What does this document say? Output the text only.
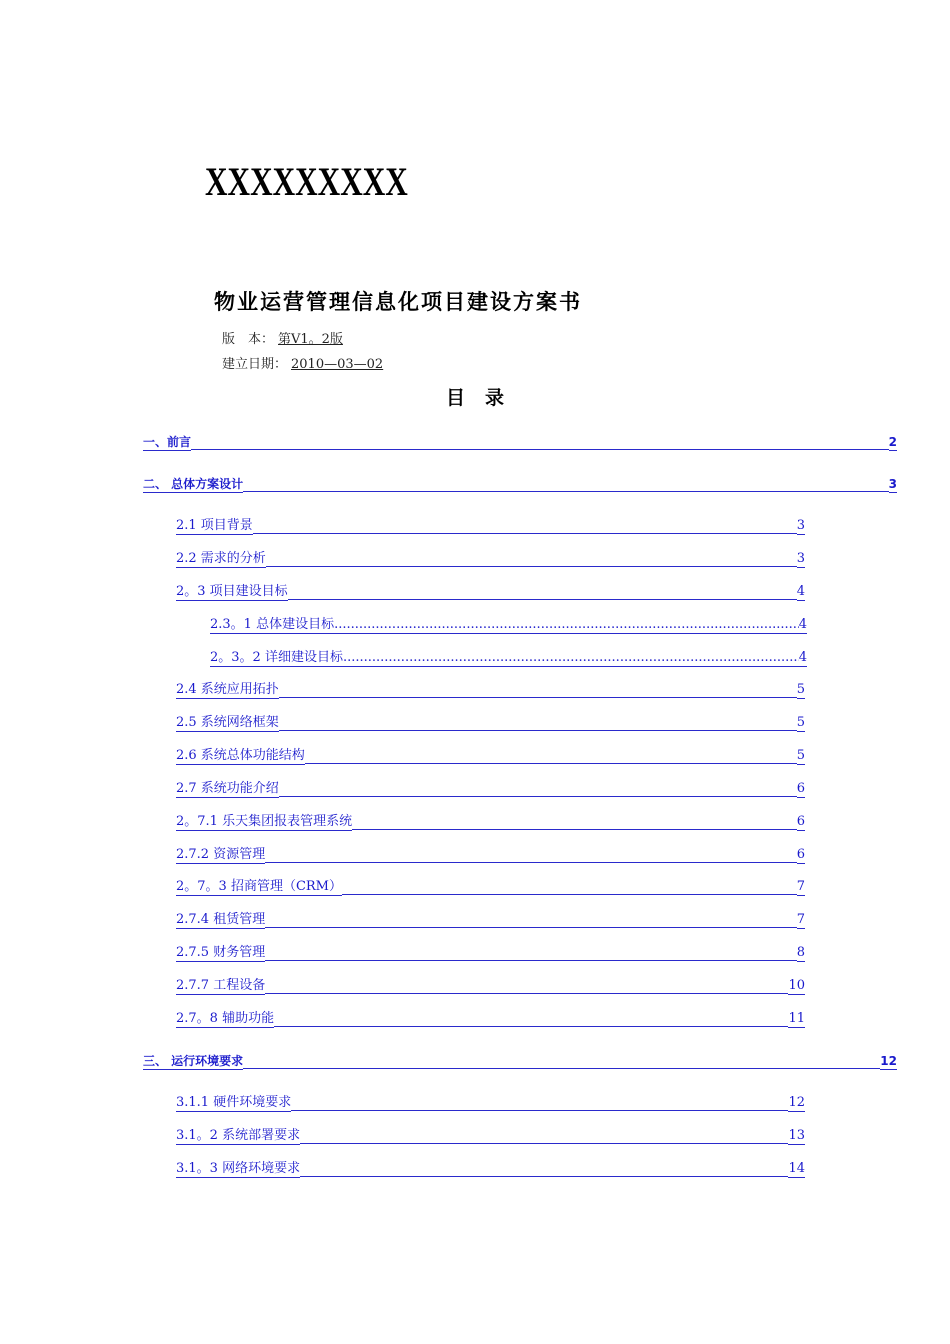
XXXXXXXXX
物业运营管理信息化项目建设方案书
版　本： 第V1。2版
建立日期： 2010—03—02
目 录
一、前言	2
二、 总体方案设计	3
2.1 项目背景	3
2.2 需求的分析	3
2。3 项目建设目标	4
2.3。1 总体建设目标 .....	4
2。3。2 详细建设目标 .....	4
2.4 系统应用拓扑	5
2.5 系统网络框架	5
2.6 系统总体功能结构	5
2.7 系统功能介绍	6
2。7.1 乐天集团报表管理系统	6
2.7.2 资源管理	6
2。7。3 招商管理（CRM）	7
2.7.4 租赁管理	7
2.7.5 财务管理	8
2.7.7 工程设备	10
2.7。8 辅助功能	11
三、 运行环境要求	12
3.1.1 硬件环境要求	12
3.1。2 系统部署要求	13
3.1。3 网络环境要求	14
